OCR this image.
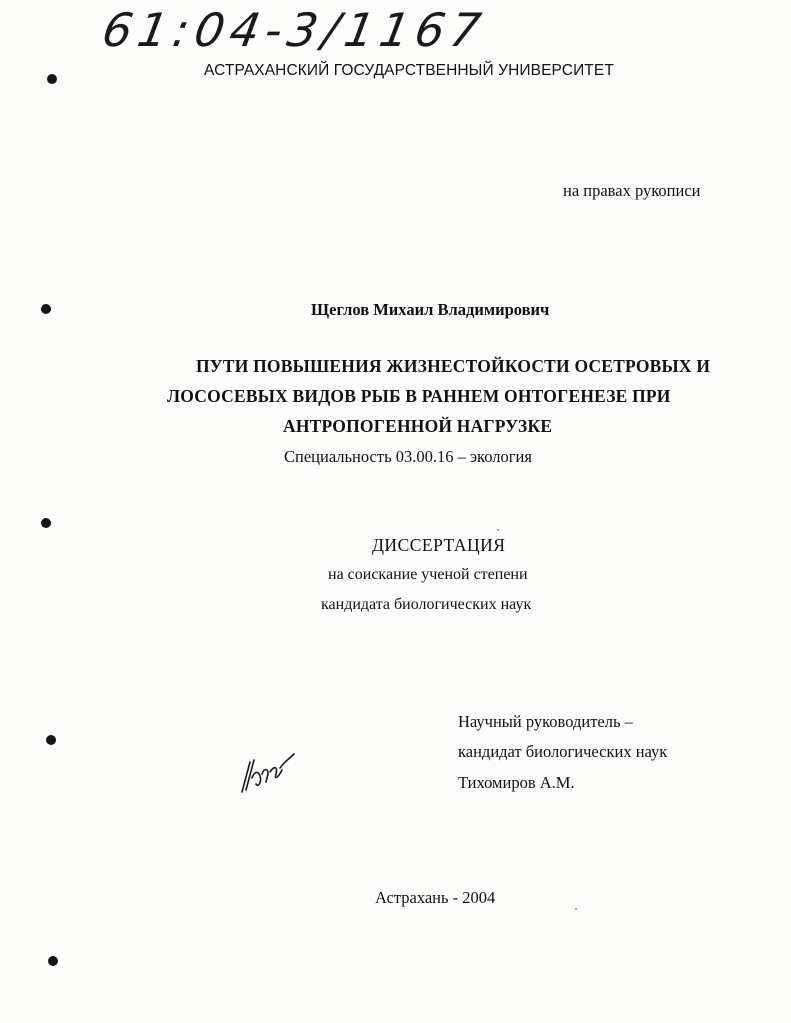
61:04-3/1167
АСТРАХАНСКИЙ ГОСУДАРСТВЕННЫЙ УНИВЕРСИТЕТ
на правах рукописи
Щеглов Михаил Владимирович
ПУТИ ПОВЫШЕНИЯ ЖИЗНЕСТОЙКОСТИ ОСЕТРОВЫХ И
ЛОСОСЕВЫХ ВИДОВ РЫБ В РАННЕМ ОНТОГЕНЕЗЕ ПРИ
АНТРОПОГЕННОЙ НАГРУЗКЕ
Специальность 03.00.16 – экология
ДИССЕРТАЦИЯ
на соискание ученой степени
кандидата биологических наук
Научный руководитель –
кандидат биологических наук
Тихомиров А.М.
Астрахань - 2004
